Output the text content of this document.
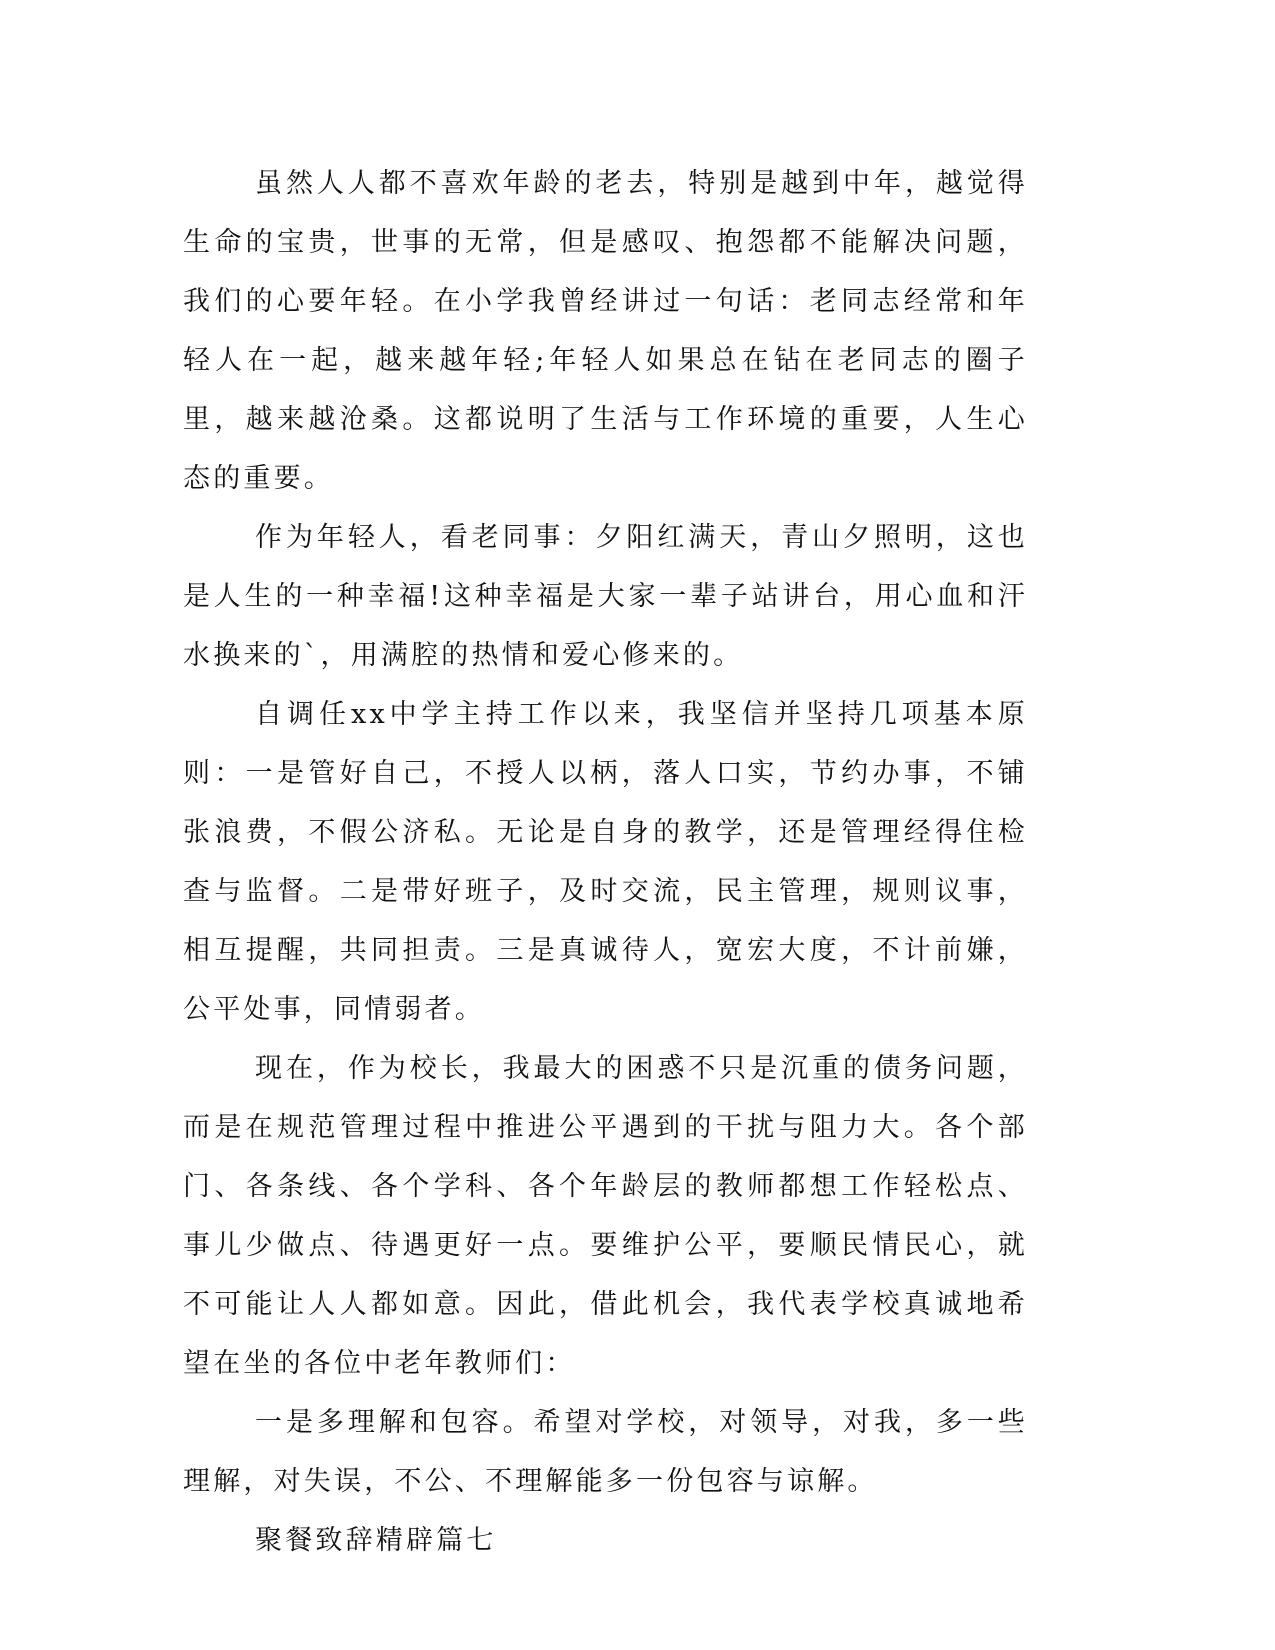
虽然人人都不喜欢年龄的老去，特别是越到中年，越觉得生命的宝贵，世事的无常，但是感叹、抱怨都不能解决问题，我们的心要年轻。在小学我曾经讲过一句话：老同志经常和年轻人在一起，越来越年轻;年轻人如果总在钻在老同志的圈子里，越来越沧桑。这都说明了生活与工作环境的重要，人生心态的重要。

作为年轻人，看老同事：夕阳红满天，青山夕照明，这也是人生的一种幸福!这种幸福是大家一辈子站讲台，用心血和汗水换来的`，用满腔的热情和爱心修来的。

自调任xx中学主持工作以来，我坚信并坚持几项基本原则：一是管好自己，不授人以柄，落人口实，节约办事，不铺张浪费，不假公济私。无论是自身的教学，还是管理经得住检查与监督。二是带好班子，及时交流，民主管理，规则议事，相互提醒，共同担责。三是真诚待人，宽宏大度，不计前嫌，公平处事，同情弱者。

现在，作为校长，我最大的困惑不只是沉重的债务问题，而是在规范管理过程中推进公平遇到的干扰与阻力大。各个部门、各条线、各个学科、各个年龄层的教师都想工作轻松点、事儿少做点、待遇更好一点。要维护公平，要顺民情民心，就不可能让人人都如意。因此，借此机会，我代表学校真诚地希望在坐的各位中老年教师们：

一是多理解和包容。希望对学校，对领导，对我，多一些理解，对失误，不公、不理解能多一份包容与谅解。

聚餐致辞精辟篇七
